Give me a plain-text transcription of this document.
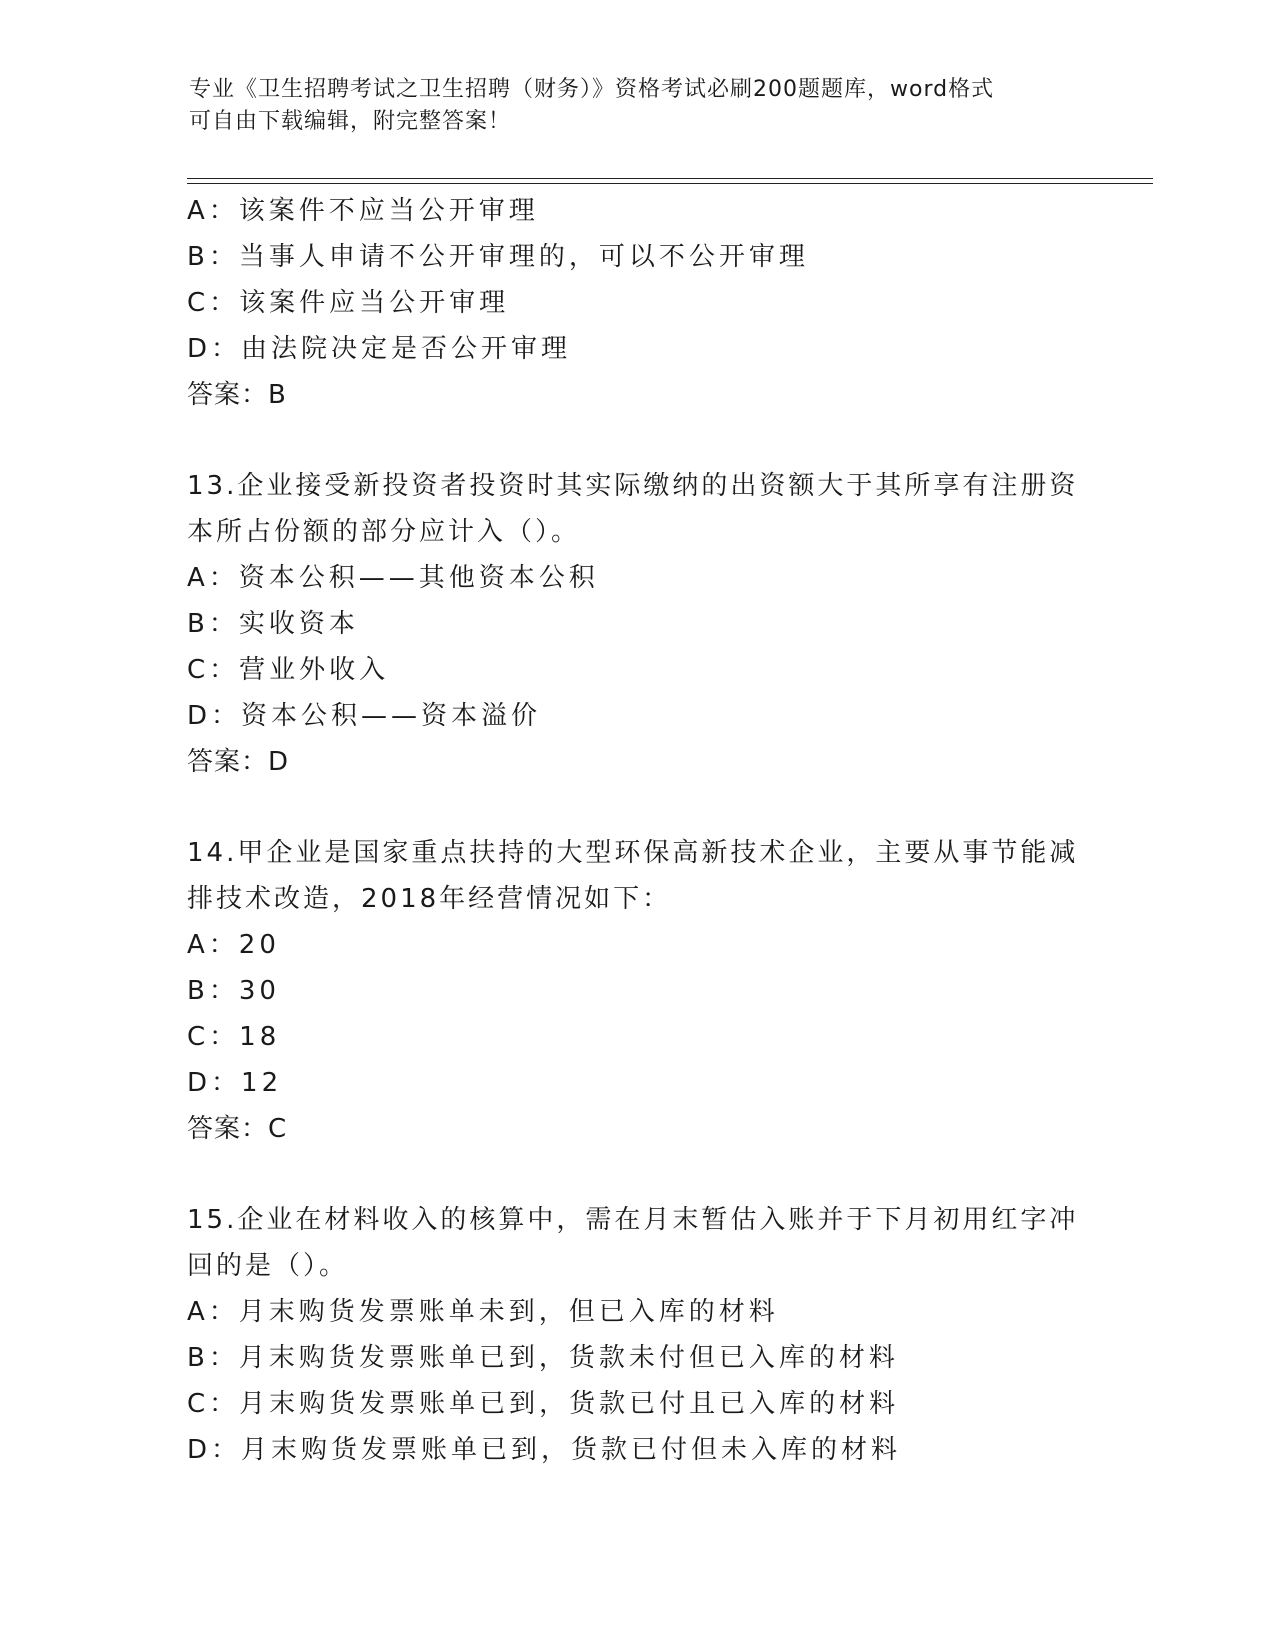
专业《卫生招聘考试之卫生招聘（财务）》资格考试必刷200题题库，word格式
可自由下载编辑，附完整答案！
A：该案件不应当公开审理
B：当事人申请不公开审理的，可以不公开审理
C：该案件应当公开审理
D：由法院决定是否公开审理
答案：B
13.企业接受新投资者投资时其实际缴纳的出资额大于其所享有注册资
本所占份额的部分应计入（）。
A：资本公积——其他资本公积
B：实收资本
C：营业外收入
D：资本公积——资本溢价
答案：D
14.甲企业是国家重点扶持的大型环保高新技术企业，主要从事节能减
排技术改造，2018年经营情况如下：
A：20
B：30
C：18
D：12
答案：C
15.企业在材料收入的核算中，需在月末暂估入账并于下月初用红字冲
回的是（）。
A：月末购货发票账单未到，但已入库的材料
B：月末购货发票账单已到，货款未付但已入库的材料
C：月末购货发票账单已到，货款已付且已入库的材料
D：月末购货发票账单已到，货款已付但未入库的材料
